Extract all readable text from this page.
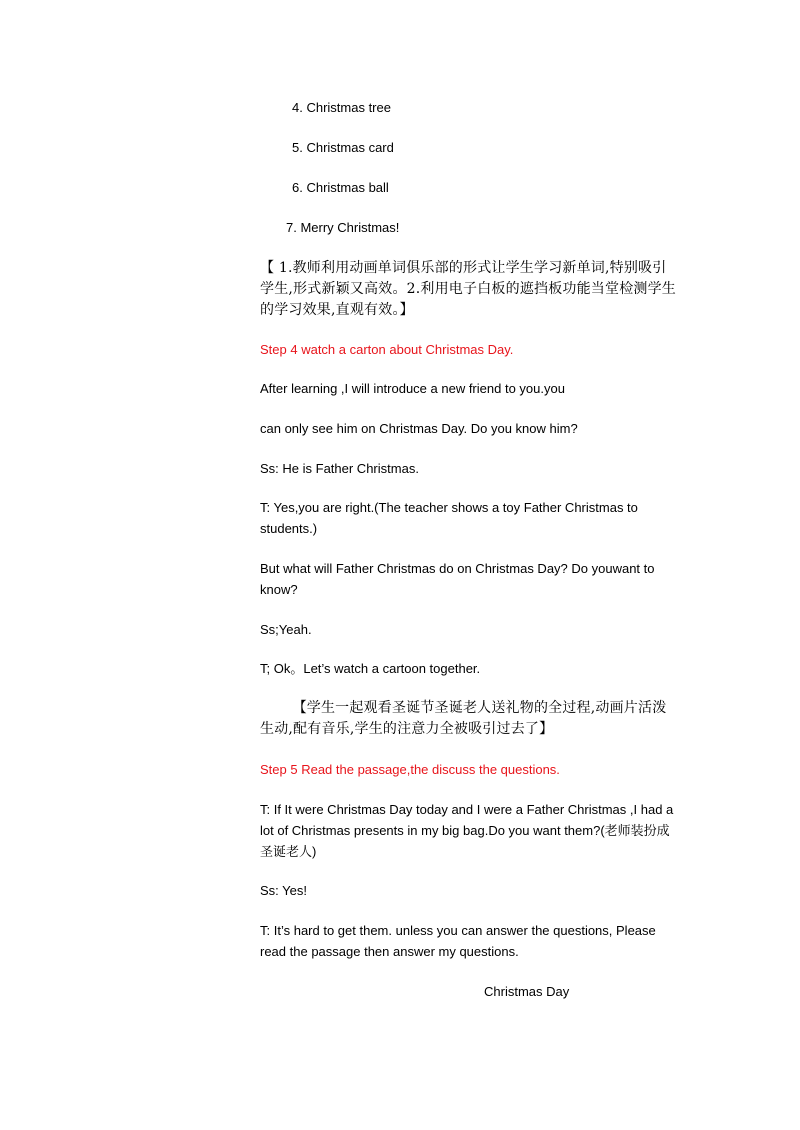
4. Christmas tree
5. Christmas card
6. Christmas ball
7. Merry Christmas!
【 1.教师利用动画单词俱乐部的形式让学生学习新单词,特别吸引学生,形式新颖又高效。2.利用电子白板的遮挡板功能当堂检测学生的学习效果,直观有效。】
Step 4 watch a carton about Christmas Day.
After learning ,I will introduce a new friend to you.you
can only see him on Christmas Day. Do you know him?
Ss: He is Father Christmas.
T: Yes,you are right.(The teacher shows a toy Father Christmas to students.)
But what will Father Christmas do on Christmas Day? Do youwant to know?
Ss;Yeah.
T; Ok。Let’s watch a cartoon together.
【学生一起观看圣诞节圣诞老人送礼物的全过程,动画片活泼生动,配有音乐,学生的注意力全被吸引过去了】
Step 5 Read the passage,the discuss the questions.
T: If It were Christmas Day today and I were a Father Christmas ,I had a lot of Christmas presents in my big bag.Do you want them?(老师装扮成圣诞老人)
Ss: Yes!
T: It’s hard to get them. unless you can answer the questions, Please read the passage then answer my questions.
Christmas Day
